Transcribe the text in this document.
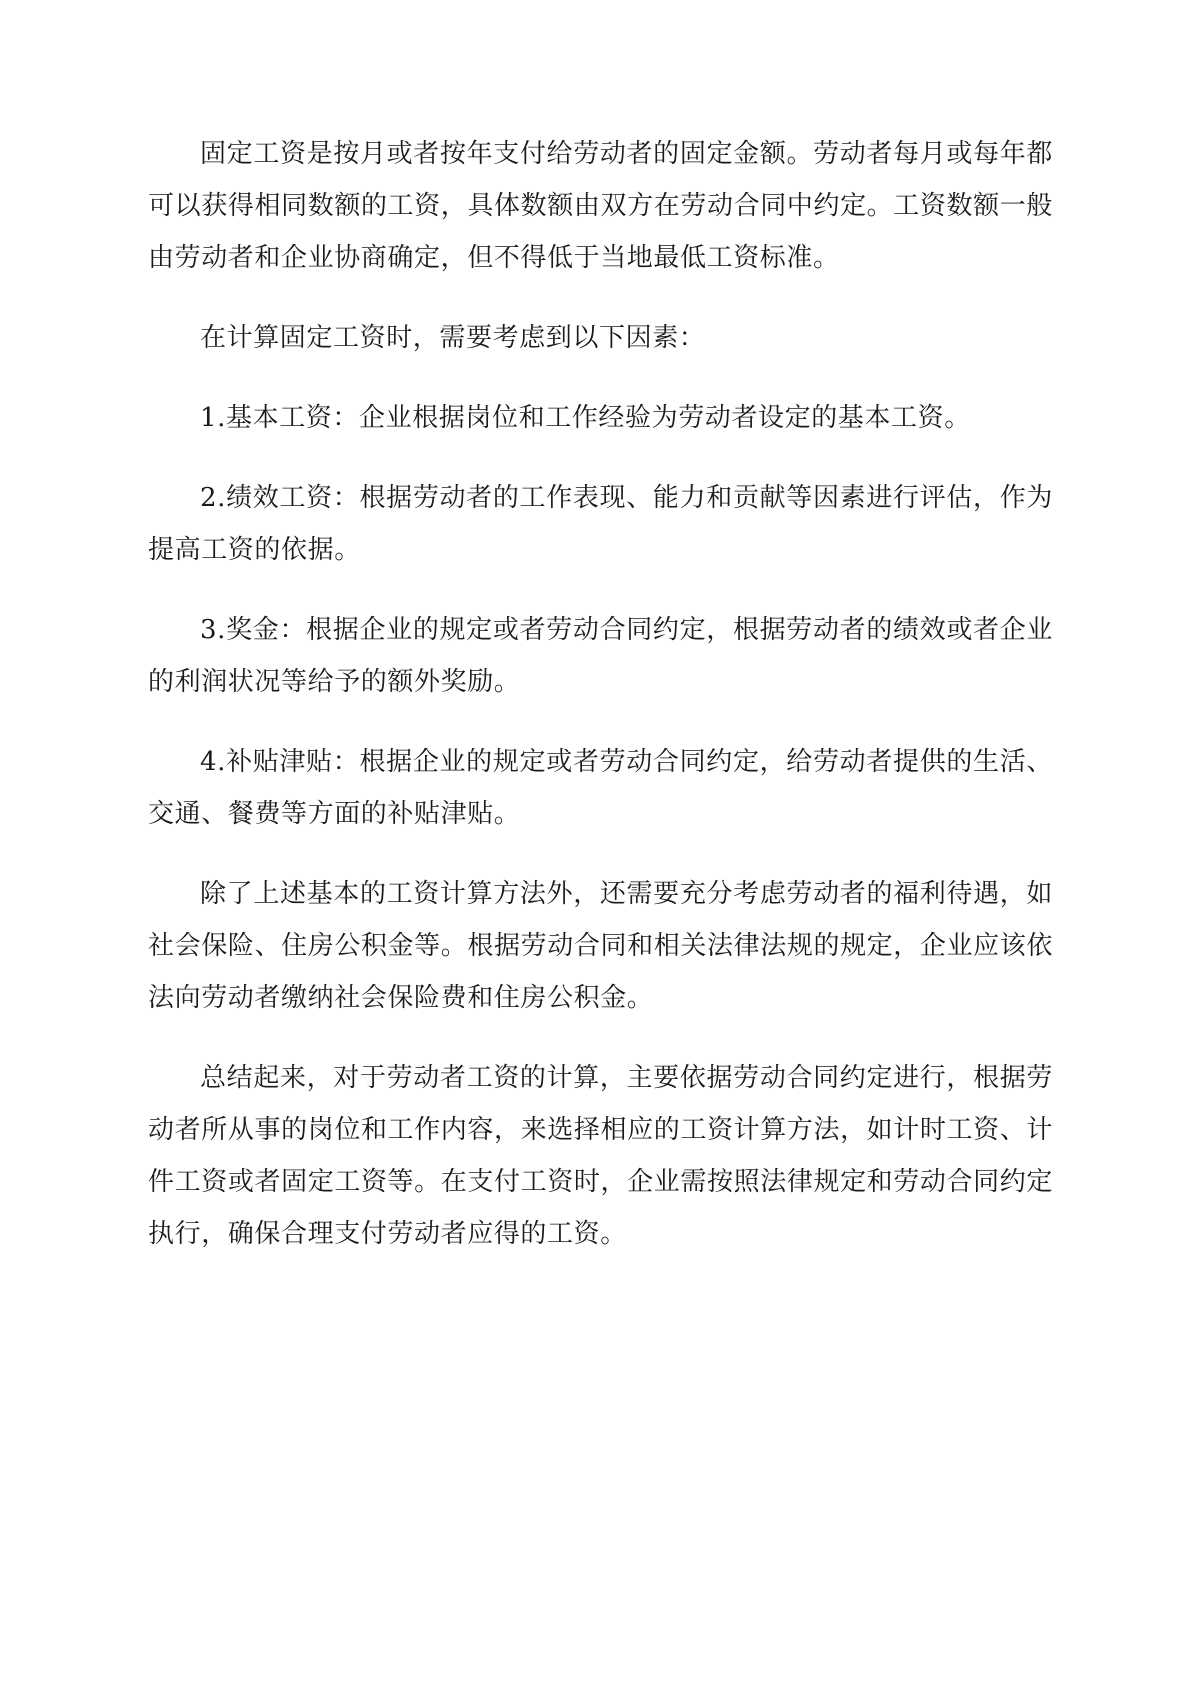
固定工资是按月或者按年支付给劳动者的固定金额。劳动者每月或每年都可以获得相同数额的工资，具体数额由双方在劳动合同中约定。工资数额一般由劳动者和企业协商确定，但不得低于当地最低工资标准。

在计算固定工资时，需要考虑到以下因素：

1.基本工资：企业根据岗位和工作经验为劳动者设定的基本工资。

2.绩效工资：根据劳动者的工作表现、能力和贡献等因素进行评估，作为提高工资的依据。

3.奖金：根据企业的规定或者劳动合同约定，根据劳动者的绩效或者企业的利润状况等给予的额外奖励。

4.补贴津贴：根据企业的规定或者劳动合同约定，给劳动者提供的生活、交通、餐费等方面的补贴津贴。

除了上述基本的工资计算方法外，还需要充分考虑劳动者的福利待遇，如社会保险、住房公积金等。根据劳动合同和相关法律法规的规定，企业应该依法向劳动者缴纳社会保险费和住房公积金。

总结起来，对于劳动者工资的计算，主要依据劳动合同约定进行，根据劳动者所从事的岗位和工作内容，来选择相应的工资计算方法，如计时工资、计件工资或者固定工资等。在支付工资时，企业需按照法律规定和劳动合同约定执行，确保合理支付劳动者应得的工资。
